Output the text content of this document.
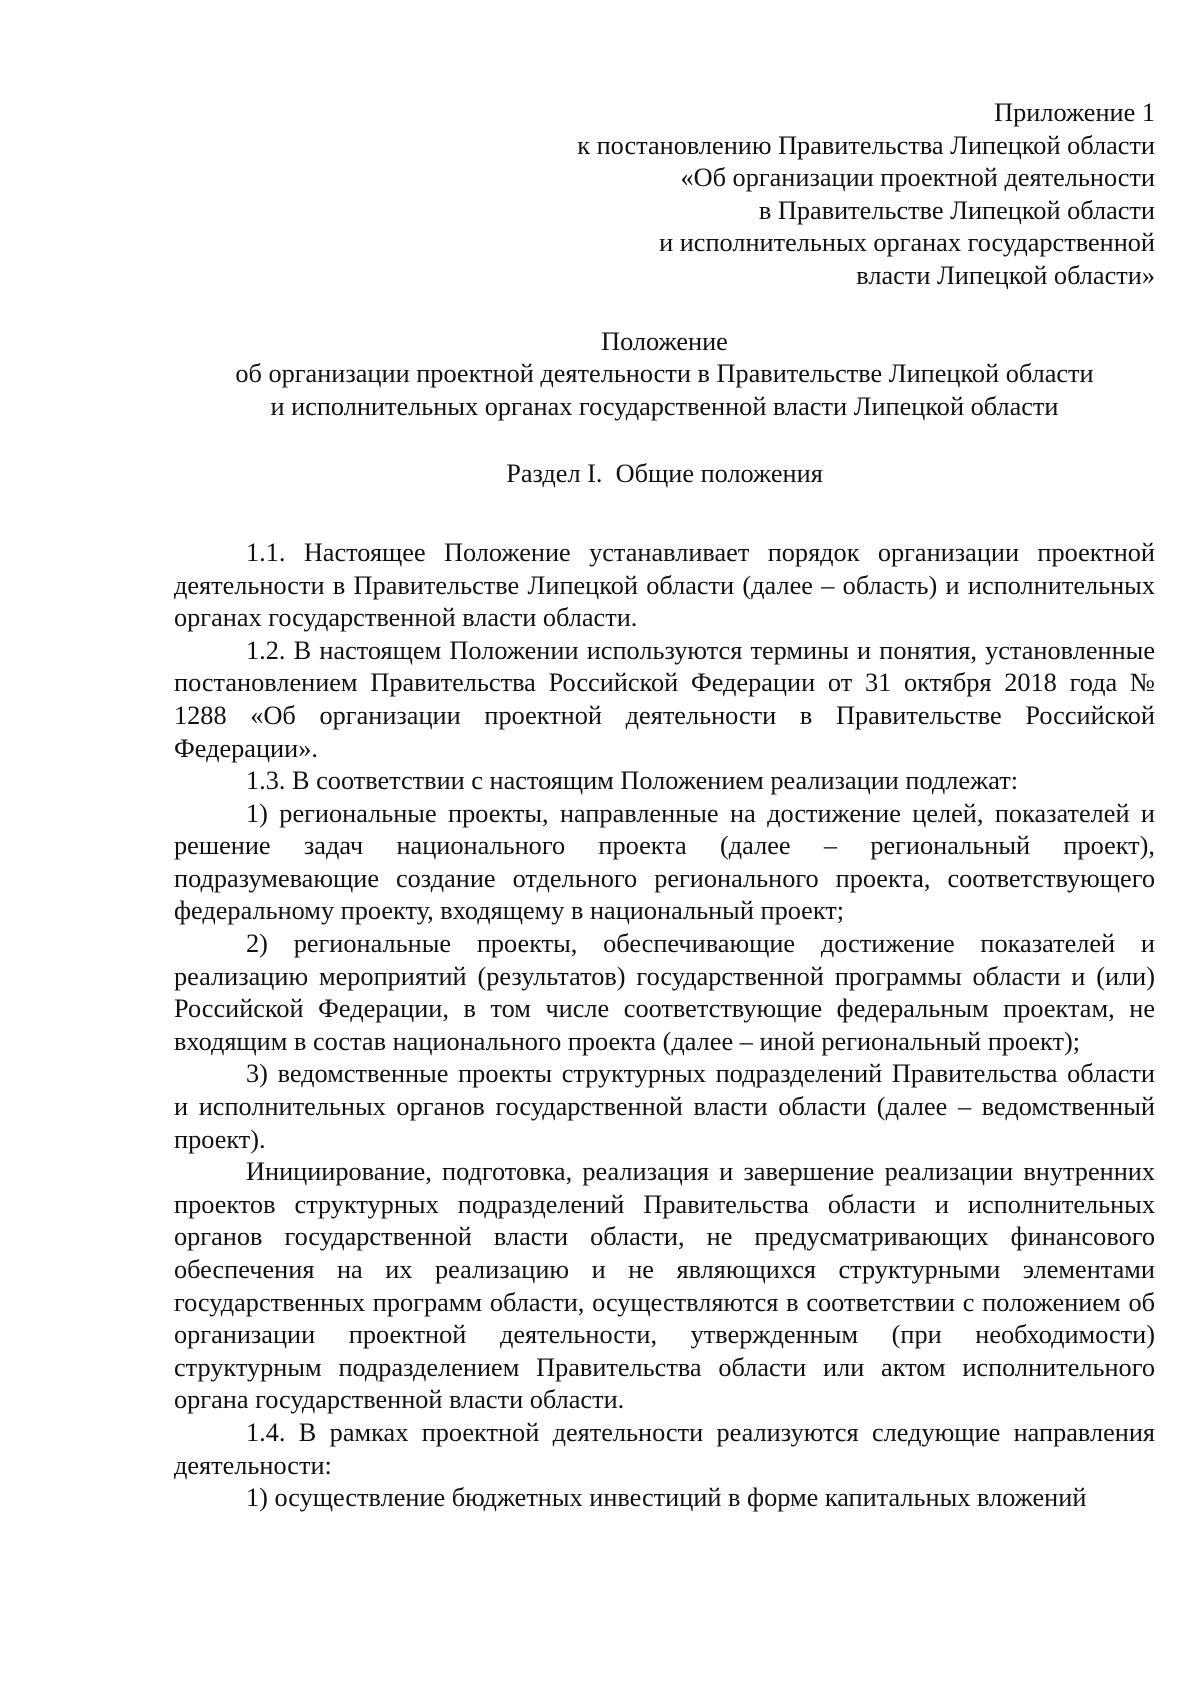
Приложение 1
к постановлению Правительства Липецкой области
«Об организации проектной деятельности
в Правительстве Липецкой области
и исполнительных органах государственной
власти Липецкой области»
Положение
об организации проектной деятельности в Правительстве Липецкой области
и исполнительных органах государственной власти Липецкой области
Раздел I.  Общие положения

1.1. Настоящее Положение устанавливает порядок организации проектной деятельности в Правительстве Липецкой области (далее – область) и исполнительных органах государственной власти области.

1.2. В настоящем Положении используются термины и понятия, установленные постановлением Правительства Российской Федерации от 31 октября 2018 года № 1288 «Об организации проектной деятельности в Правительстве Российской Федерации».

1.3. В соответствии с настоящим Положением реализации подлежат:

1) региональные проекты, направленные на достижение целей, показателей и решение задач национального проекта (далее – региональный проект), подразумевающие создание отдельного регионального проекта, соответствующего федеральному проекту, входящему в национальный проект;

2) региональные проекты, обеспечивающие достижение показателей и реализацию мероприятий (результатов) государственной программы области и (или) Российской Федерации, в том числе соответствующие федеральным проектам, не входящим в состав национального проекта (далее – иной региональный проект);

3) ведомственные проекты структурных подразделений Правительства области и исполнительных органов государственной власти области (далее – ведомственный проект).

Инициирование, подготовка, реализация и завершение реализации внутренних проектов структурных подразделений Правительства области и исполнительных органов государственной власти области, не предусматривающих финансового обеспечения на их реализацию и не являющихся структурными элементами государственных программ области, осуществляются в соответствии с положением об организации проектной деятельности, утвержденным (при необходимости) структурным подразделением Правительства области или актом исполнительного органа государственной власти области.

1.4. В рамках проектной деятельности реализуются следующие направления деятельности:

1) осуществление бюджетных инвестиций в форме капитальных вложений
